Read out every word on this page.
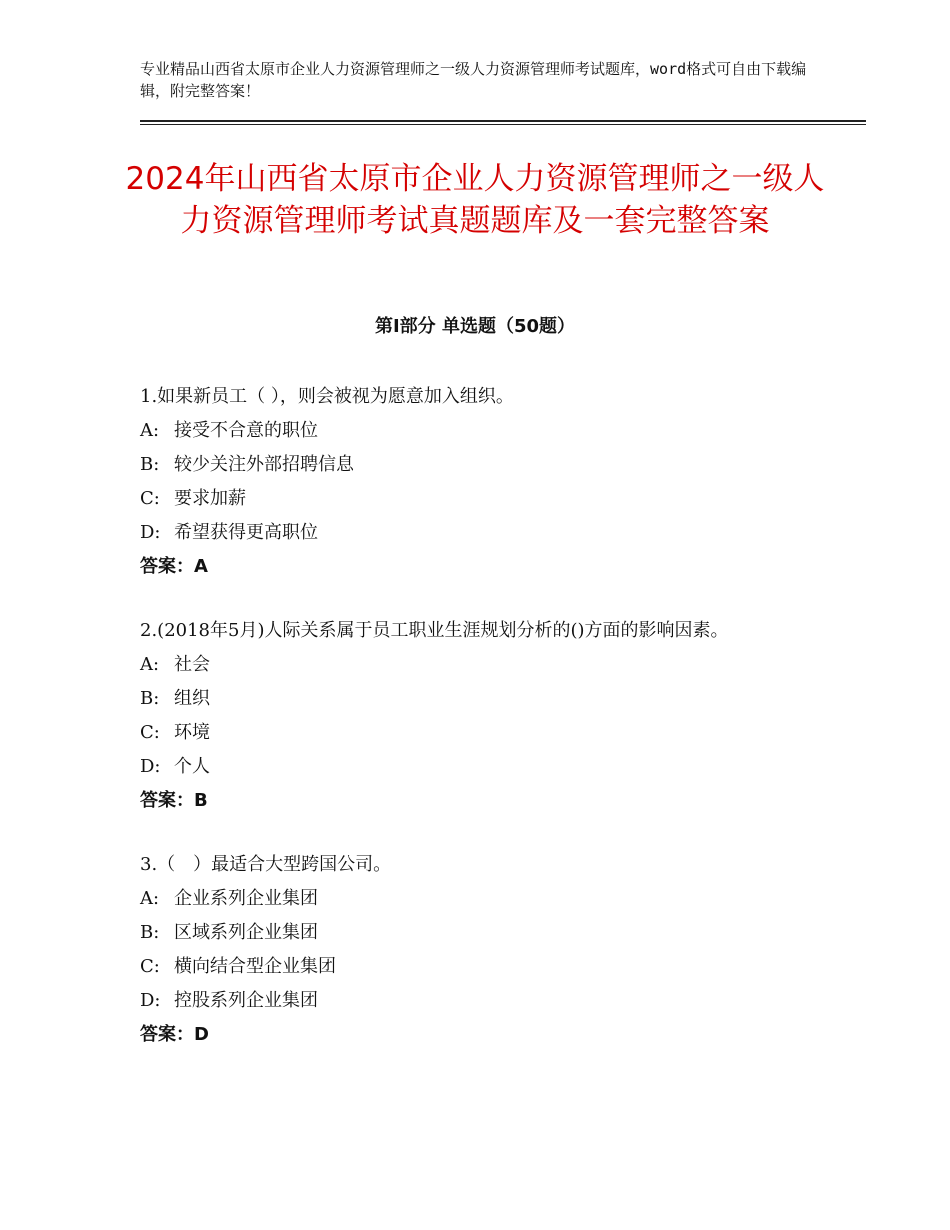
专业精品山西省太原市企业人力资源管理师之一级人力资源管理师考试题库，word格式可自由下载编辑，附完整答案！
2024年山西省太原市企业人力资源管理师之一级人力资源管理师考试真题题库及一套完整答案
第Ⅰ部分 单选题（50题）

1.如果新员工（ ），则会被视为愿意加入组织。

A: 接受不合意的职位

B: 较少关注外部招聘信息

C: 要求加薪

D: 希望获得更高职位

答案：A

2.(2018年5月)人际关系属于员工职业生涯规划分析的()方面的影响因素。

A: 社会

B: 组织

C: 环境

D: 个人

答案：B

3.（　）最适合大型跨国公司。

A: 企业系列企业集团

B: 区域系列企业集团

C: 横向结合型企业集团

D: 控股系列企业集团

答案：D
